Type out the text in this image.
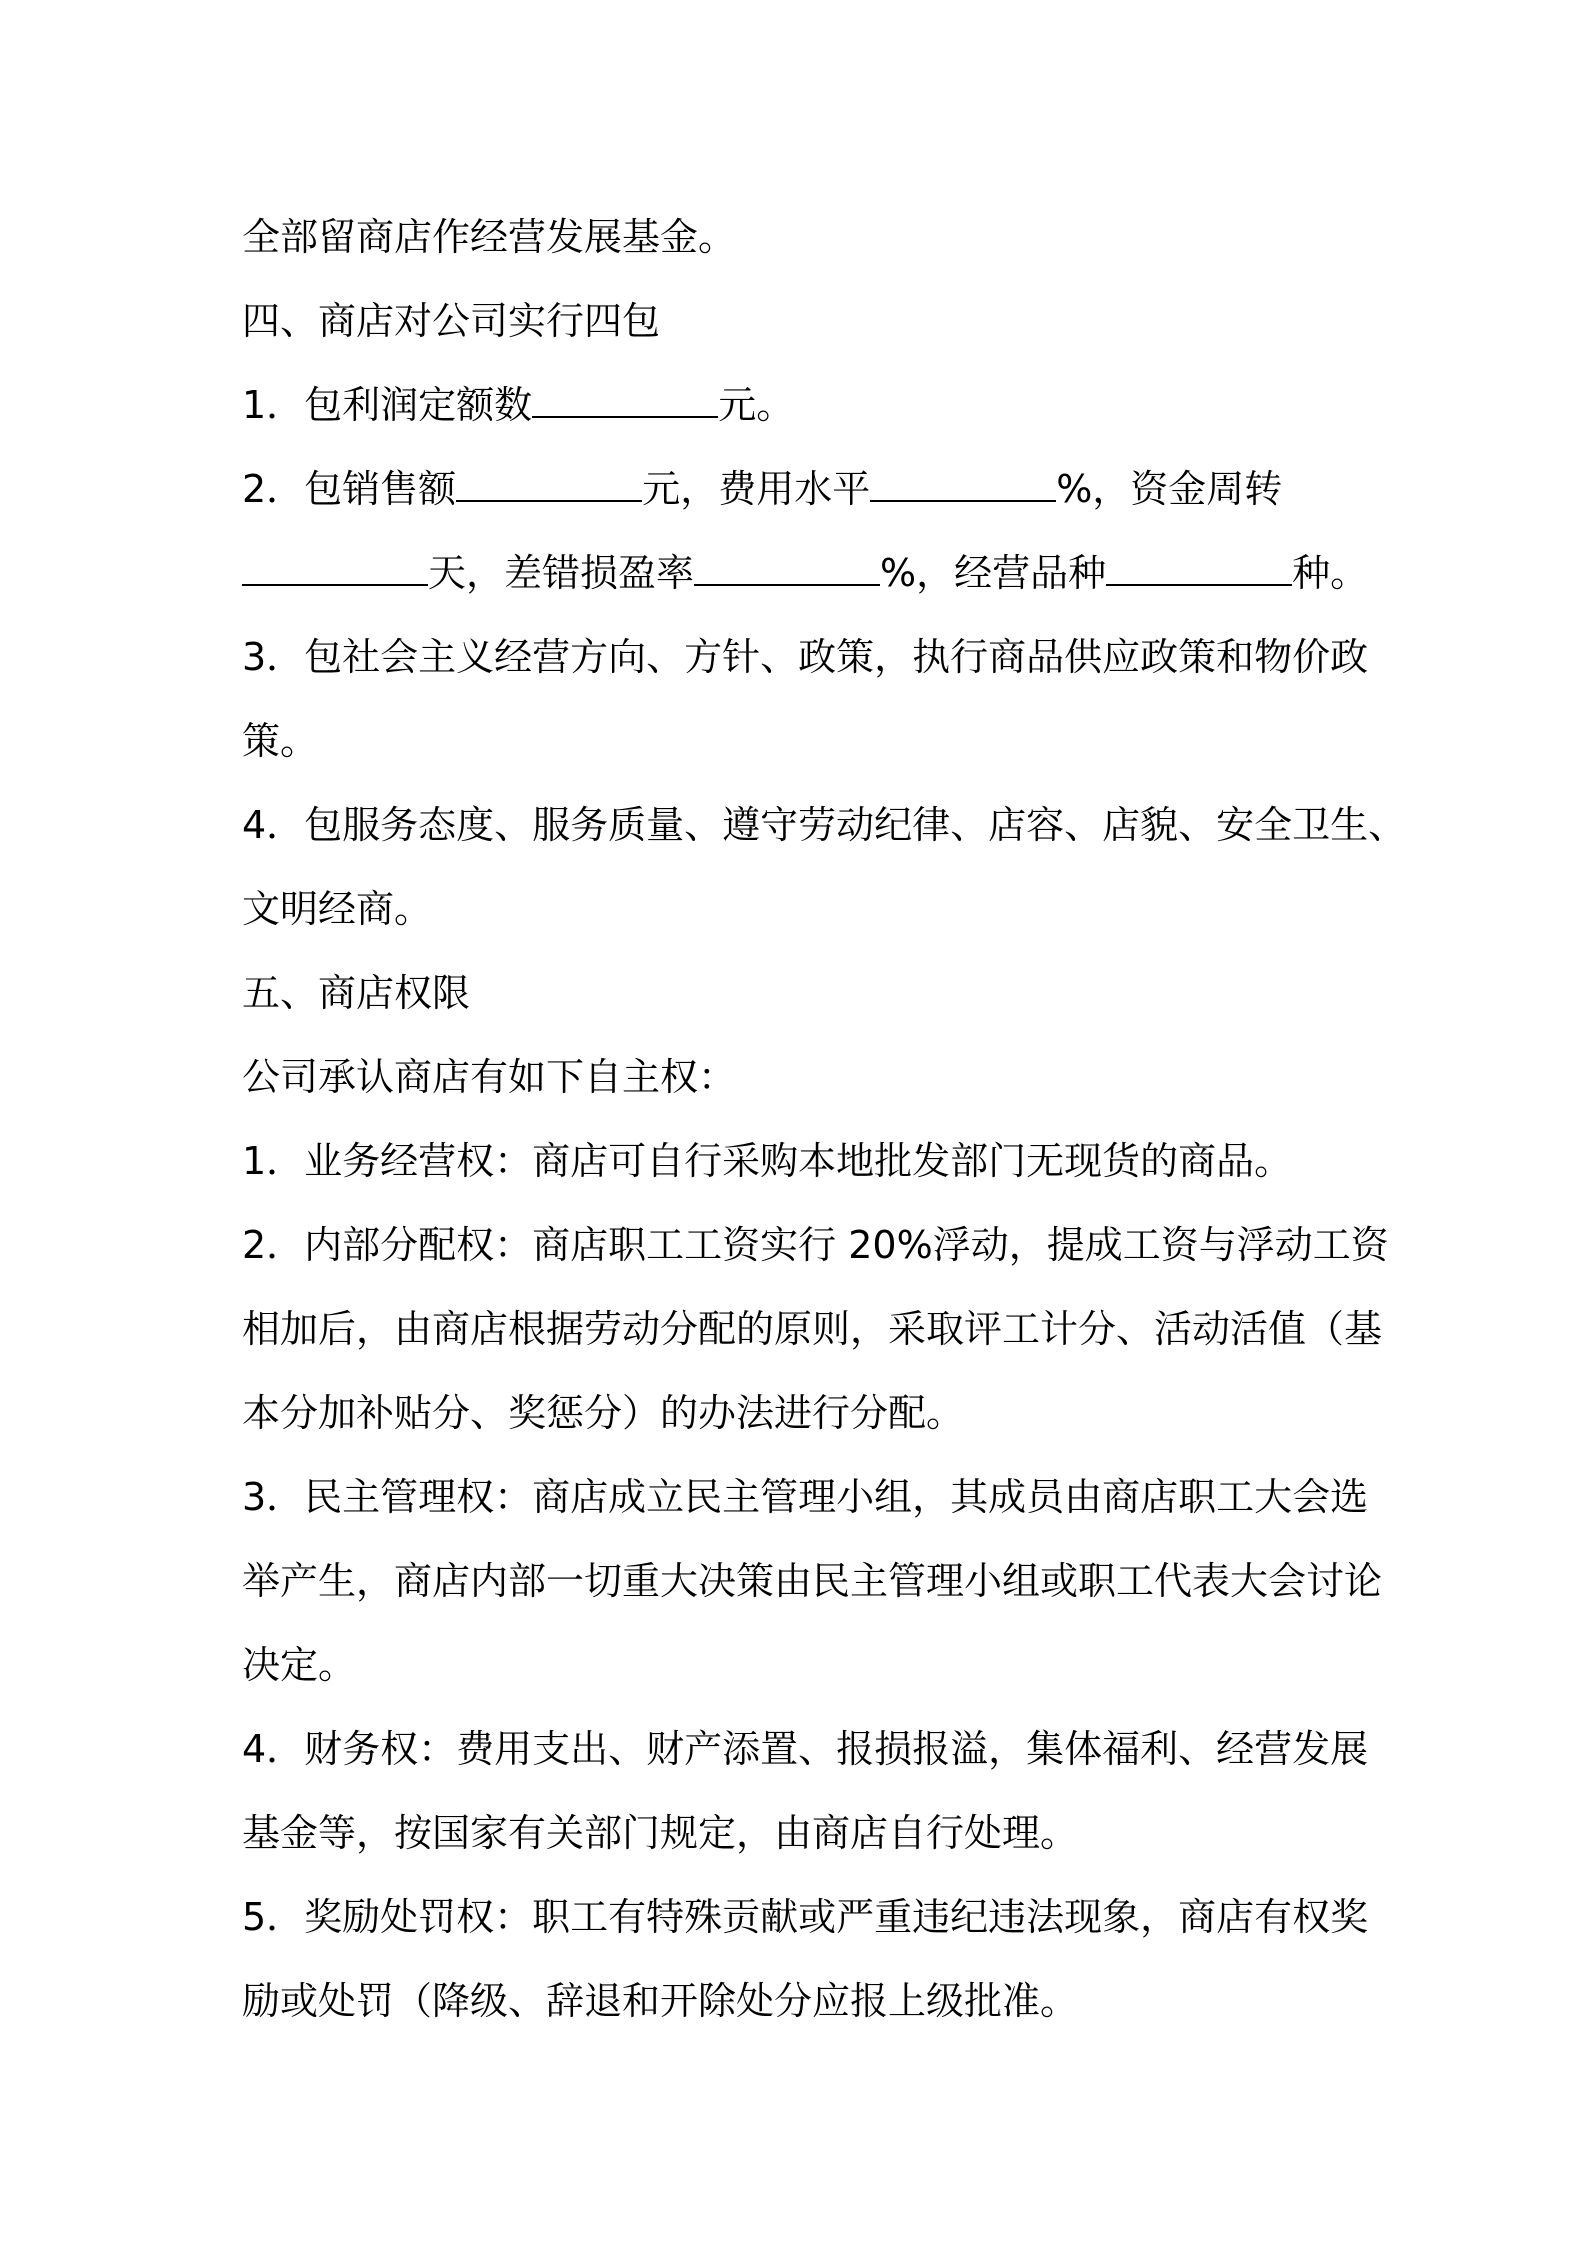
全部留商店作经营发展基金。
四、商店对公司实行四包
1．包利润定额数	元。
2．包销售额	元，费用水平	%，资金周转
天，差错损盈率	%，经营品种	种。
3．包社会主义经营方向、方针、政策，执行商品供应政策和物价政
策。
4．包服务态度、服务质量、遵守劳动纪律、店容、店貌、安全卫生、
文明经商。
五、商店权限
公司承认商店有如下自主权：
1．业务经营权：商店可自行采购本地批发部门无现货的商品。
2．内部分配权：商店职工工资实行 20%浮动，提成工资与浮动工资
相加后，由商店根据劳动分配的原则，采取评工计分、活动活值（基
本分加补贴分、奖惩分）的办法进行分配。
3．民主管理权：商店成立民主管理小组，其成员由商店职工大会选
举产生，商店内部一切重大决策由民主管理小组或职工代表大会讨论
决定。
4．财务权：费用支出、财产添置、报损报溢，集体福利、经营发展
基金等，按国家有关部门规定，由商店自行处理。
5．奖励处罚权：职工有特殊贡献或严重违纪违法现象，商店有权奖
励或处罚（降级、辞退和开除处分应报上级批准。
